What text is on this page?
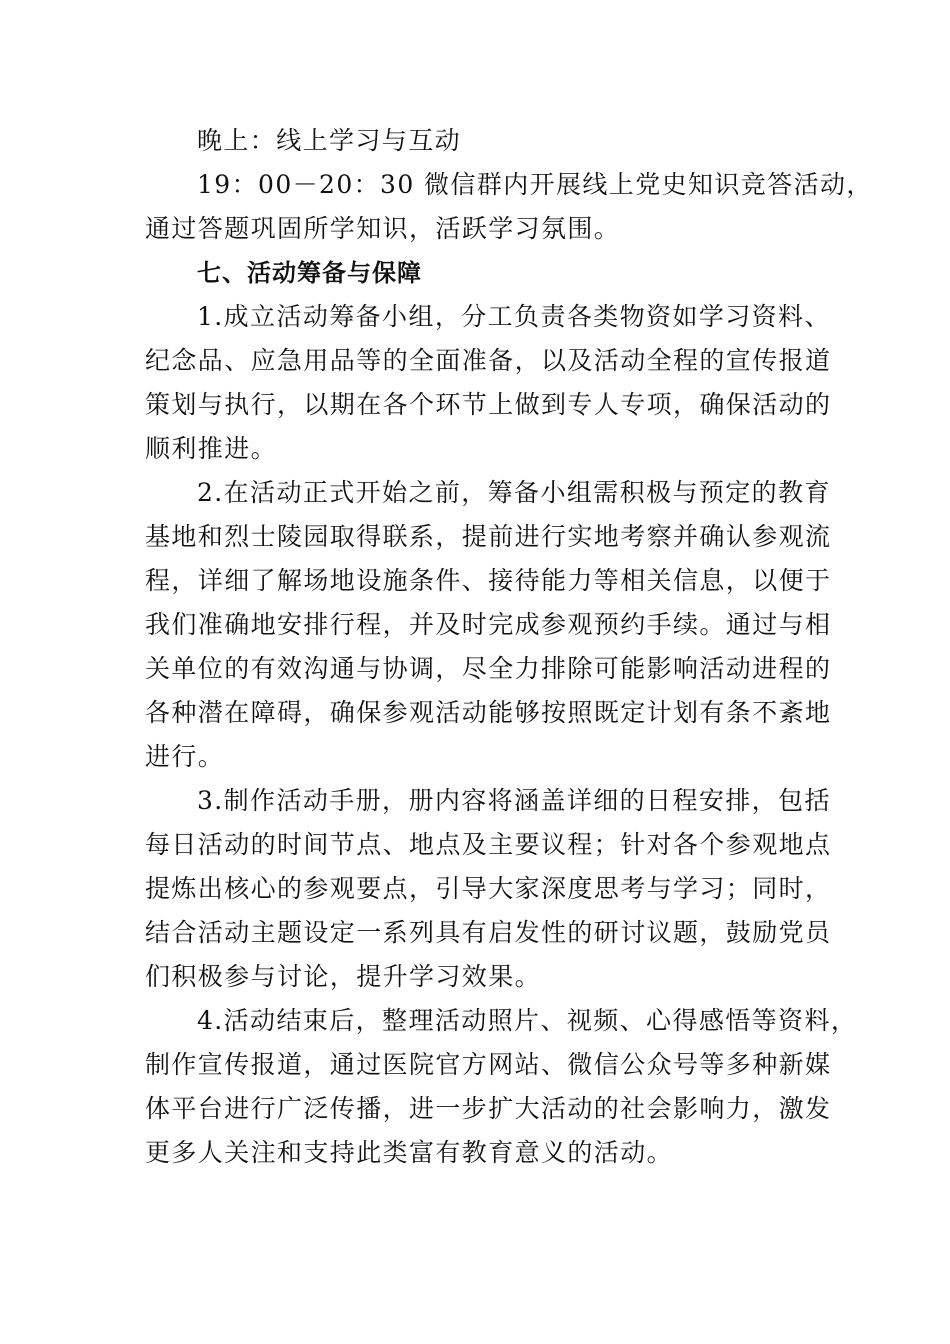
晚上：线上学习与互动
19：00－20：30 微信群内开展线上党史知识竞答活动，
通过答题巩固所学知识，活跃学习氛围。
七、活动筹备与保障
1.成立活动筹备小组，分工负责各类物资如学习资料、
纪念品、应急用品等的全面准备，以及活动全程的宣传报道
策划与执行，以期在各个环节上做到专人专项，确保活动的
顺利推进。
2.在活动正式开始之前，筹备小组需积极与预定的教育
基地和烈士陵园取得联系，提前进行实地考察并确认参观流
程，详细了解场地设施条件、接待能力等相关信息，以便于
我们准确地安排行程，并及时完成参观预约手续。通过与相
关单位的有效沟通与协调，尽全力排除可能影响活动进程的
各种潜在障碍，确保参观活动能够按照既定计划有条不紊地
进行。
3.制作活动手册，册内容将涵盖详细的日程安排，包括
每日活动的时间节点、地点及主要议程；针对各个参观地点
提炼出核心的参观要点，引导大家深度思考与学习；同时，
结合活动主题设定一系列具有启发性的研讨议题，鼓励党员
们积极参与讨论，提升学习效果。
4.活动结束后，整理活动照片、视频、心得感悟等资料，
制作宣传报道，通过医院官方网站、微信公众号等多种新媒
体平台进行广泛传播，进一步扩大活动的社会影响力，激发
更多人关注和支持此类富有教育意义的活动。
